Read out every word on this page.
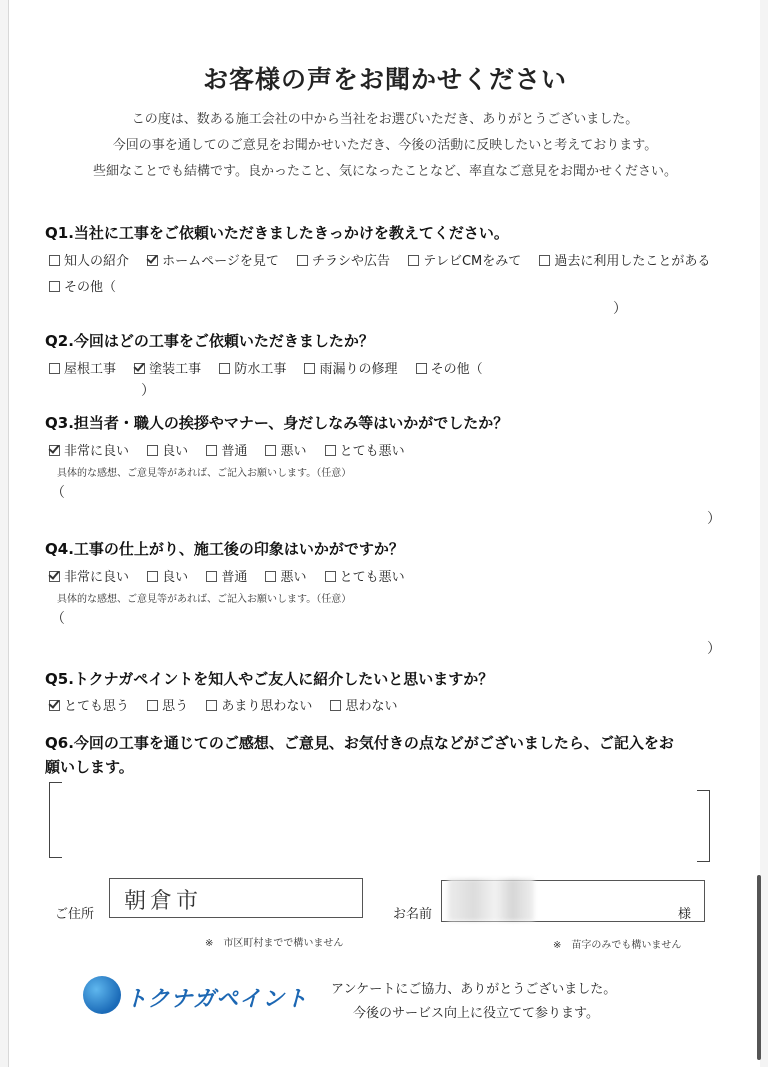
お客様の声をお聞かせください
この度は、数ある施工会社の中から当社をお選びいただき、ありがとうございました。
今回の事を通してのご意見をお聞かせいただき、今後の活動に反映したいと考えております。
些細なことでも結構です。良かったこと、気になったことなど、率直なご意見をお聞かせください。
Q1.当社に工事をご依頼いただきましたきっかけを教えてください。
知人の紹介	ホームページを見て	チラシや広告	テレビCMをみて	過去に利用したことがある
その他（
）
Q2.今回はどの工事をご依頼いただきましたか？
屋根工事	塗装工事	防水工事	雨漏りの修理	その他（
）
Q3.担当者・職人の挨拶やマナー、身だしなみ等はいかがでしたか？
非常に良い	良い	普通	悪い	とても悪い
具体的な感想、ご意見等があれば、ご記入お願いします。（任意）
（
）
Q4.工事の仕上がり、施工後の印象はいかがですか？
非常に良い	良い	普通	悪い	とても悪い
具体的な感想、ご意見等があれば、ご記入お願いします。（任意）
（
）
Q5.トクナガペイントを知人やご友人に紹介したいと思いますか？
とても思う	思う	あまり思わない	思わない
Q6.今回の工事を通じてのご感想、ご意見、お気付きの点などがございましたら、ご記入をお
願いします。
ご住所
朝倉市
※　市区町村までで構いません
お名前	様
※　苗字のみでも構いません
トクナガペイント アンケートにご協力、ありがとうございました。
今後のサービス向上に役立てて参ります。
